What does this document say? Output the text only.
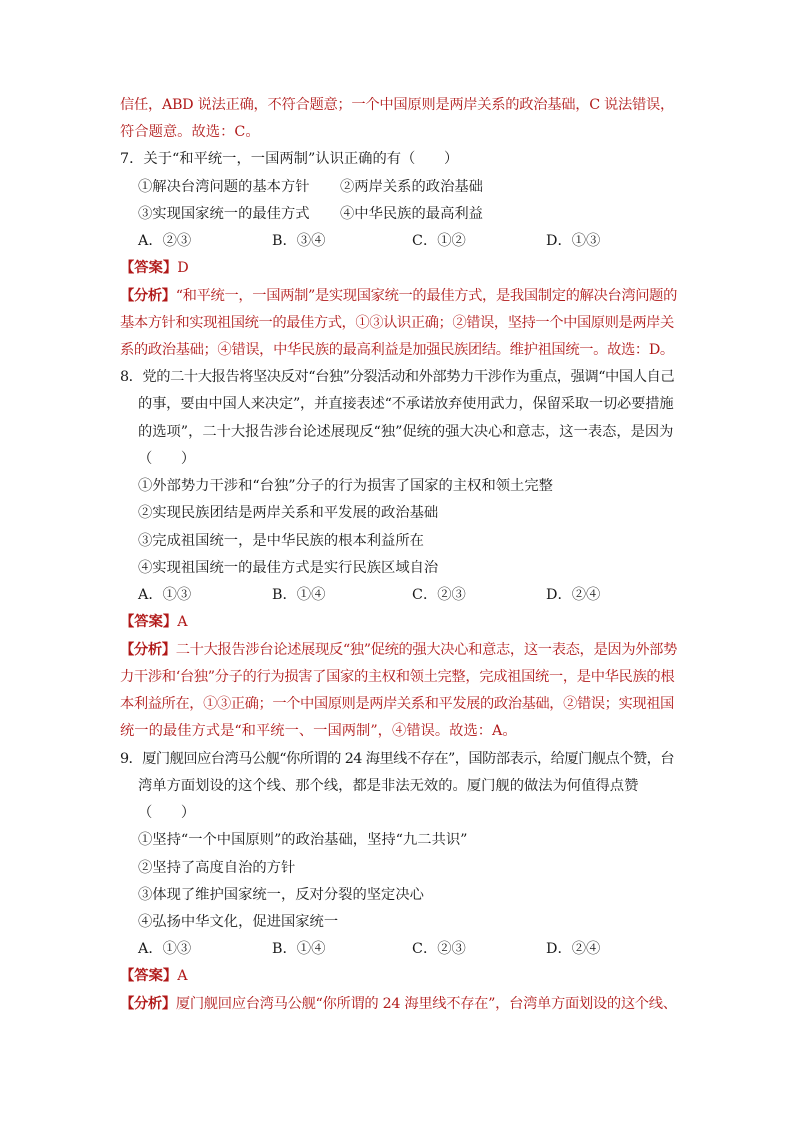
信任，ABD 说法正确，不符合题意；一个中国原则是两岸关系的政治基础，C 说法错误，
符合题意。故选：C。
7．关于“和平统一，一国两制”认识正确的有（　　）
①解决台湾问题的基本方针 ②两岸关系的政治基础
③实现国家统一的最佳方式 ④中华民族的最高利益
A．②③	B．③④	C．①②	D．①③
【答案】D
【分析】“和平统一，一国两制”是实现国家统一的最佳方式，是我国制定的解决台湾问题的
基本方针和实现祖国统一的最佳方式，①③认识正确；②错误，坚持一个中国原则是两岸关
系的政治基础；④错误，中华民族的最高利益是加强民族团结。维护祖国统一。故选：D。
8．党的二十大报告将坚决反对“台独”分裂活动和外部势力干涉作为重点，强调“中国人自己
的事，要由中国人来决定”，并直接表述“不承诺放弃使用武力，保留采取一切必要措施
的选项”，二十大报告涉台论述展现反“独”促统的强大决心和意志，这一表态，是因为
（　　）
①外部势力干涉和“台独”分子的行为损害了国家的主权和领土完整
②实现民族团结是两岸关系和平发展的政治基础
③完成祖国统一，是中华民族的根本利益所在
④实现祖国统一的最佳方式是实行民族区域自治
A．①③	B．①④	C．②③	D．②④
【答案】A
【分析】二十大报告涉台论述展现反“独”促统的强大决心和意志，这一表态，是因为外部势
力干涉和‘台独”分子的行为损害了国家的主权和领土完整，完成祖国统一，是中华民族的根
本利益所在，①③正确；一个中国原则是两岸关系和平发展的政治基础，②错误；实现祖国
统一的最佳方式是“和平统一、一国两制”，④错误。故选：A。
9．厦门舰回应台湾马公舰“你所谓的 24 海里线不存在”，国防部表示，给厦门舰点个赞，台
湾单方面划设的这个线、那个线，都是非法无效的。厦门舰的做法为何值得点赞
（　　）
①坚持“一个中国原则”的政治基础，坚持“九二共识”
②坚持了高度自治的方针
③体现了维护国家统一，反对分裂的坚定决心
④弘扬中华文化，促进国家统一
A．①③	B．①④	C．②③	D．②④
【答案】A
【分析】厦门舰回应台湾马公舰“你所谓的 24 海里线不存在”，台湾单方面划设的这个线、
